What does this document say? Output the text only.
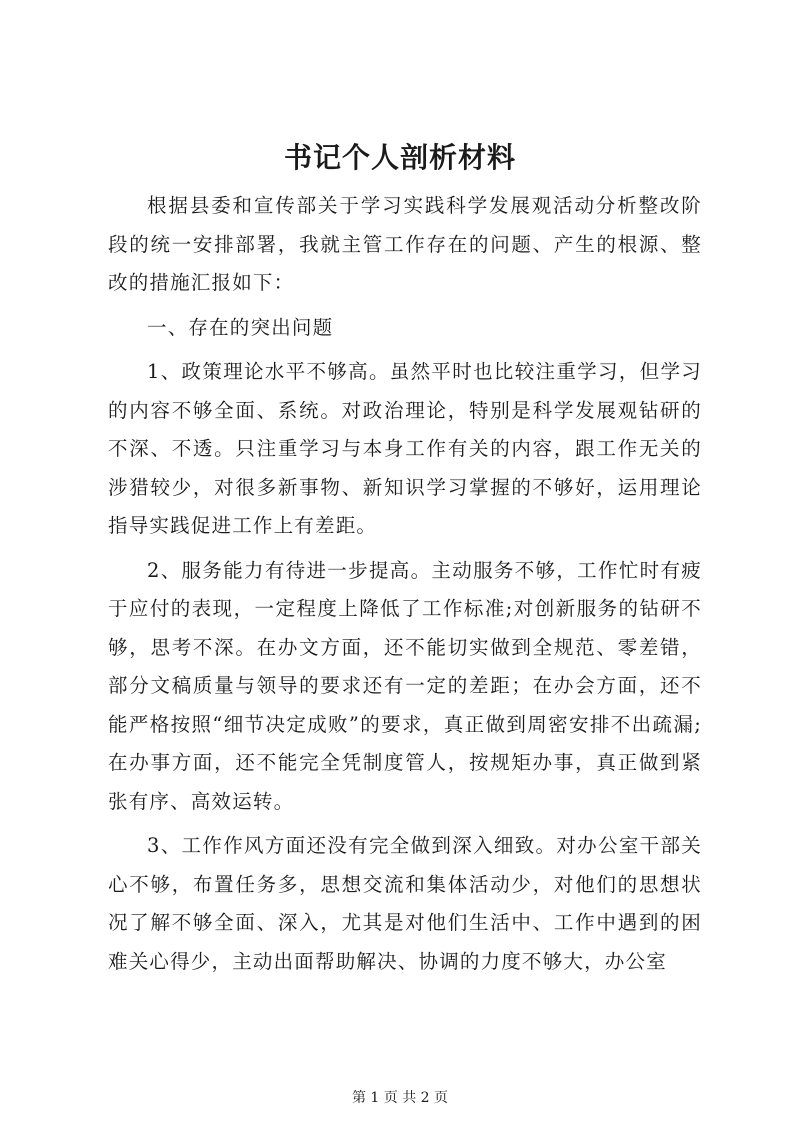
书记个人剖析材料

根据县委和宣传部关于学习实践科学发展观活动分析整改阶段的统一安排部署，我就主管工作存在的问题、产生的根源、整改的措施汇报如下：

一、存在的突出问题

1、政策理论水平不够高。虽然平时也比较注重学习，但学习的内容不够全面、系统。对政治理论，特别是科学发展观钻研的不深、不透。只注重学习与本身工作有关的内容，跟工作无关的涉猎较少，对很多新事物、新知识学习掌握的不够好，运用理论指导实践促进工作上有差距。

2、服务能力有待进一步提高。主动服务不够，工作忙时有疲于应付的表现，一定程度上降低了工作标准;对创新服务的钻研不够，思考不深。在办文方面，还不能切实做到全规范、零差错，部分文稿质量与领导的要求还有一定的差距；在办会方面，还不能严格按照“细节决定成败”的要求，真正做到周密安排不出疏漏; 在办事方面，还不能完全凭制度管人，按规矩办事，真正做到紧张有序、高效运转。

3、工作作风方面还没有完全做到深入细致。对办公室干部关心不够，布置任务多，思想交流和集体活动少，对他们的思想状况了解不够全面、深入，尤其是对他们生活中、工作中遇到的困难关心得少，主动出面帮助解决、协调的力度不够大，办公室

第 1 页 共 2 页
